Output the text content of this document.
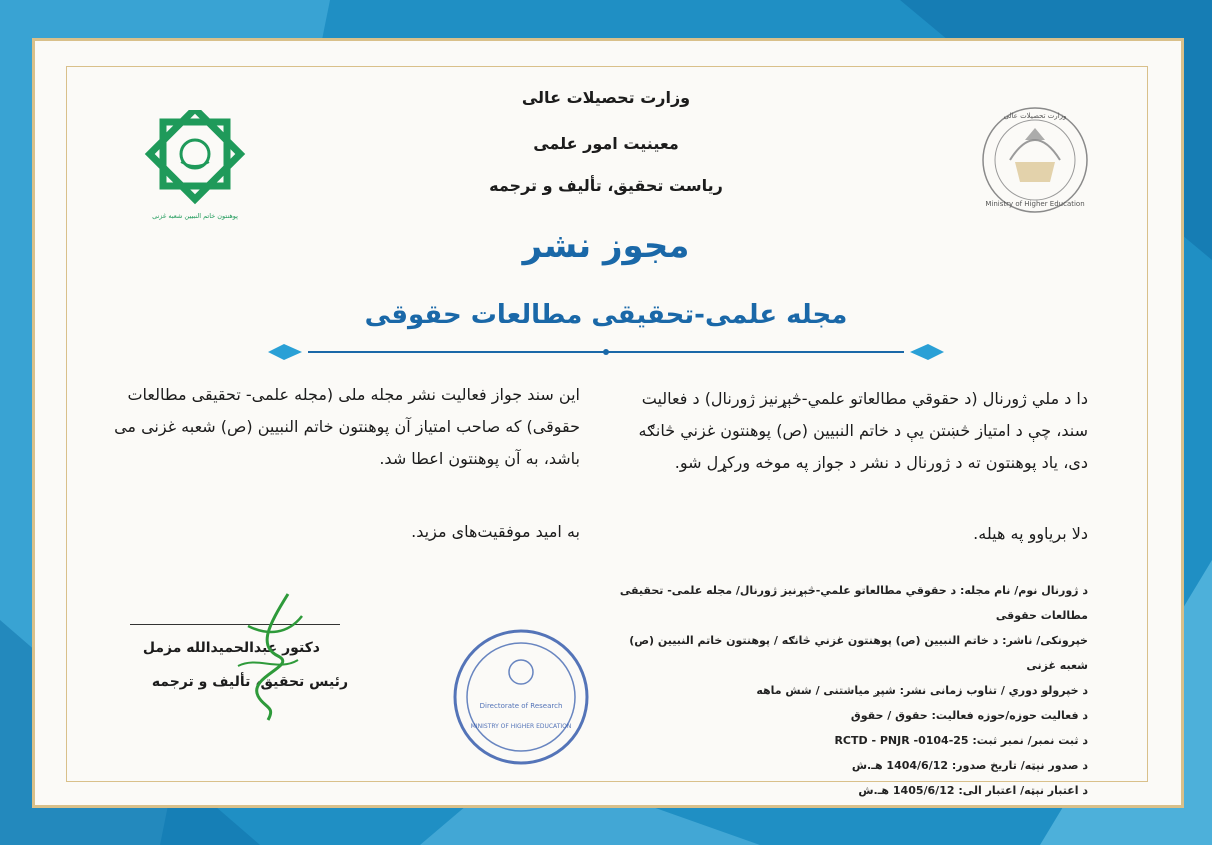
پوهنتون خاتم النبیین شعبه غزنی
Ministry of Higher Education
وزارت تحصیلات عالی
وزارت تحصیلات عالی
معینیت امور علمی
ریاست تحقیق، تألیف و ترجمه
مجوز نشر
مجله علمی-تحقیقی مطالعات حقوقی
دا د ملي ژورنال (د حقوقي مطالعاتو علمي-څېړنیز ژورنال) د فعالیت
سند، چې د امتیاز څښتن یې د خاتم النبیین (ص) پوهنتون غزني څانګه
دی، یاد پوهنتون ته د ژورنال د نشر د جواز په موخه ورکړل شو.
دلا بریاوو په هیله.
این سند جواز فعالیت نشر مجله ملی (مجله علمی- تحقیقی مطالعات
حقوقی) که صاحب امتیاز آن پوهنتون خاتم النبیین (ص) شعبه غزنی می
باشد، به آن پوهنتون اعطا شد.
به امید موفقیت‌های مزید.
د ژورنال نوم/ نام مجله: د حقوقي مطالعاتو علمي-څېړنیز ژورنال/ مجله علمی- تحقیقی مطالعات حقوقی
خپرونکی/ ناشر: د خاتم النبیین (ص) پوهنتون غزني څانګه / پوهنتون خاتم النبیین (ص) شعبه غزنی
د خپرولو دوري / تناوب زمانی نشر: شپږ میاشتنی / شش ماهه
د فعالیت حوزه/حوزه فعالیت: حقوق / حقوق
د ثبت نمبر/ نمبر ثبت: RCTD - PNJR -0104-25
د صدور نېټه/ تاریخ صدور: 1404/6/12 هـ.ش
د اعتبار نېټه/ اعتبار الی: 1405/6/12 هـ.ش
Directorate of Research
MINISTRY OF HIGHER EDUCATION
دکتور عبدالحمیدالله مزمل
رئیس تحقیق، تألیف و ترجمه
